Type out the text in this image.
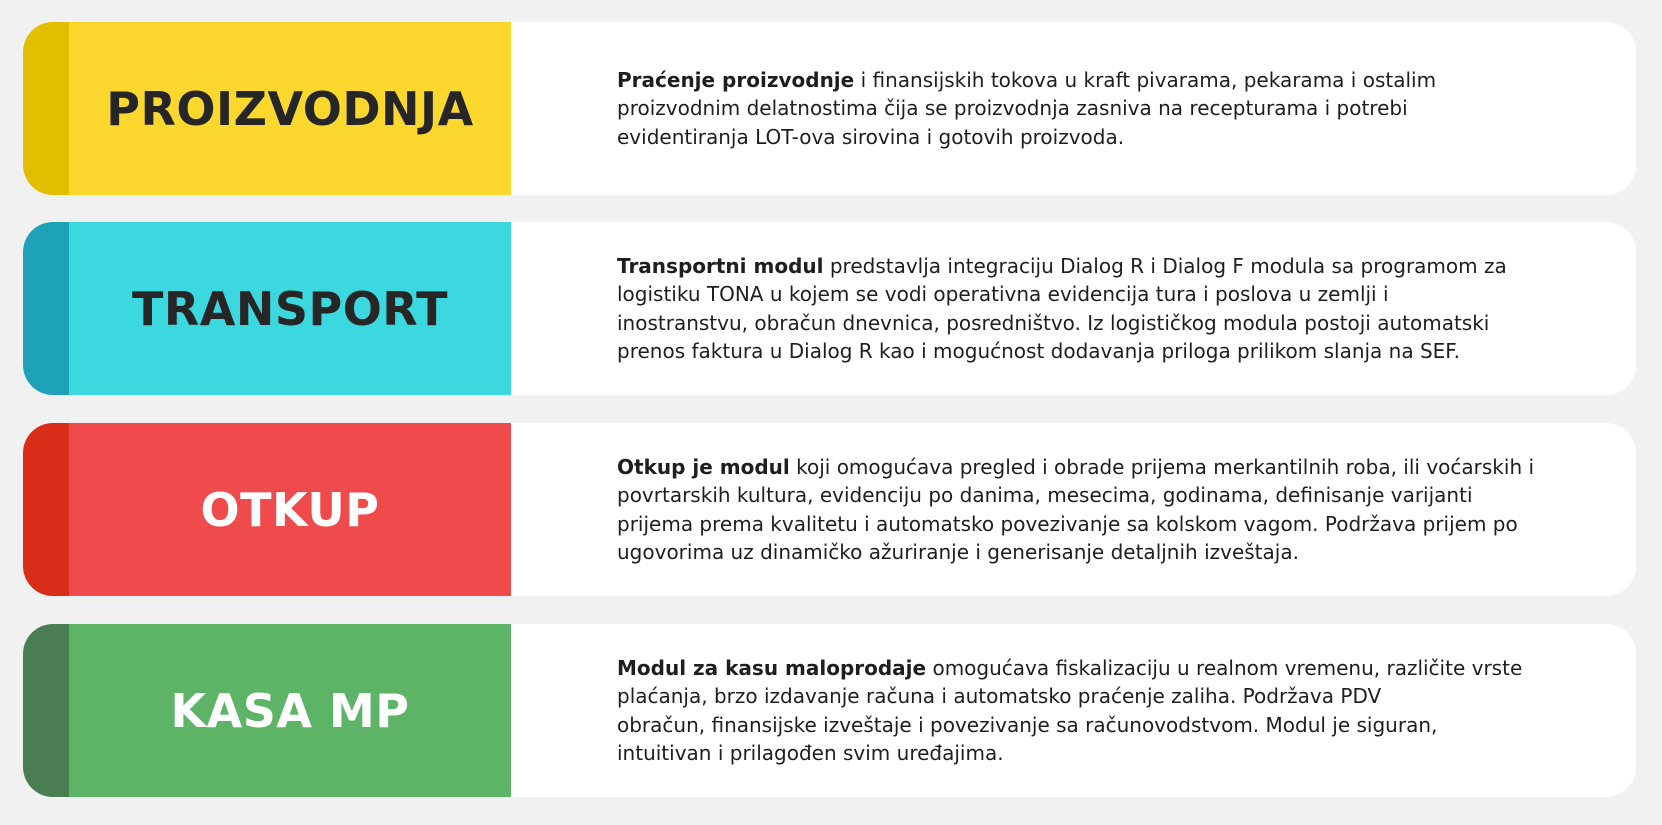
PROIZVODNJA

Praćenje proizvodnje i finansijskih tokova u kraft pivarama, pekarama i ostalim
proizvodnim delatnostima čija se proizvodnja zasniva na recepturama i potrebi
evidentiranja LOT-ova sirovina i gotovih proizvoda.

TRANSPORT

Transportni modul predstavlja integraciju Dialog R i Dialog F modula sa programom za
logistiku TONA u kojem se vodi operativna evidencija tura i poslova u zemlji i
inostranstvu, obračun dnevnica, posredništvo. Iz logističkog modula postoji automatski
prenos faktura u Dialog R kao i mogućnost dodavanja priloga prilikom slanja na SEF.

OTKUP

Otkup je modul koji omogućava pregled i obrade prijema merkantilnih roba, ili voćarskih i
povrtarskih kultura, evidenciju po danima, mesecima, godinama, definisanje varijanti
prijema prema kvalitetu i automatsko povezivanje sa kolskom vagom. Podržava prijem po
ugovorima uz dinamičko ažuriranje i generisanje detaljnih izveštaja.

KASA MP

Modul za kasu maloprodaje omogućava fiskalizaciju u realnom vremenu, različite vrste
plaćanja, brzo izdavanje računa i automatsko praćenje zaliha. Podržava PDV
obračun, finansijske izveštaje i povezivanje sa računovodstvom. Modul je siguran,
intuitivan i prilagođen svim uređajima.
